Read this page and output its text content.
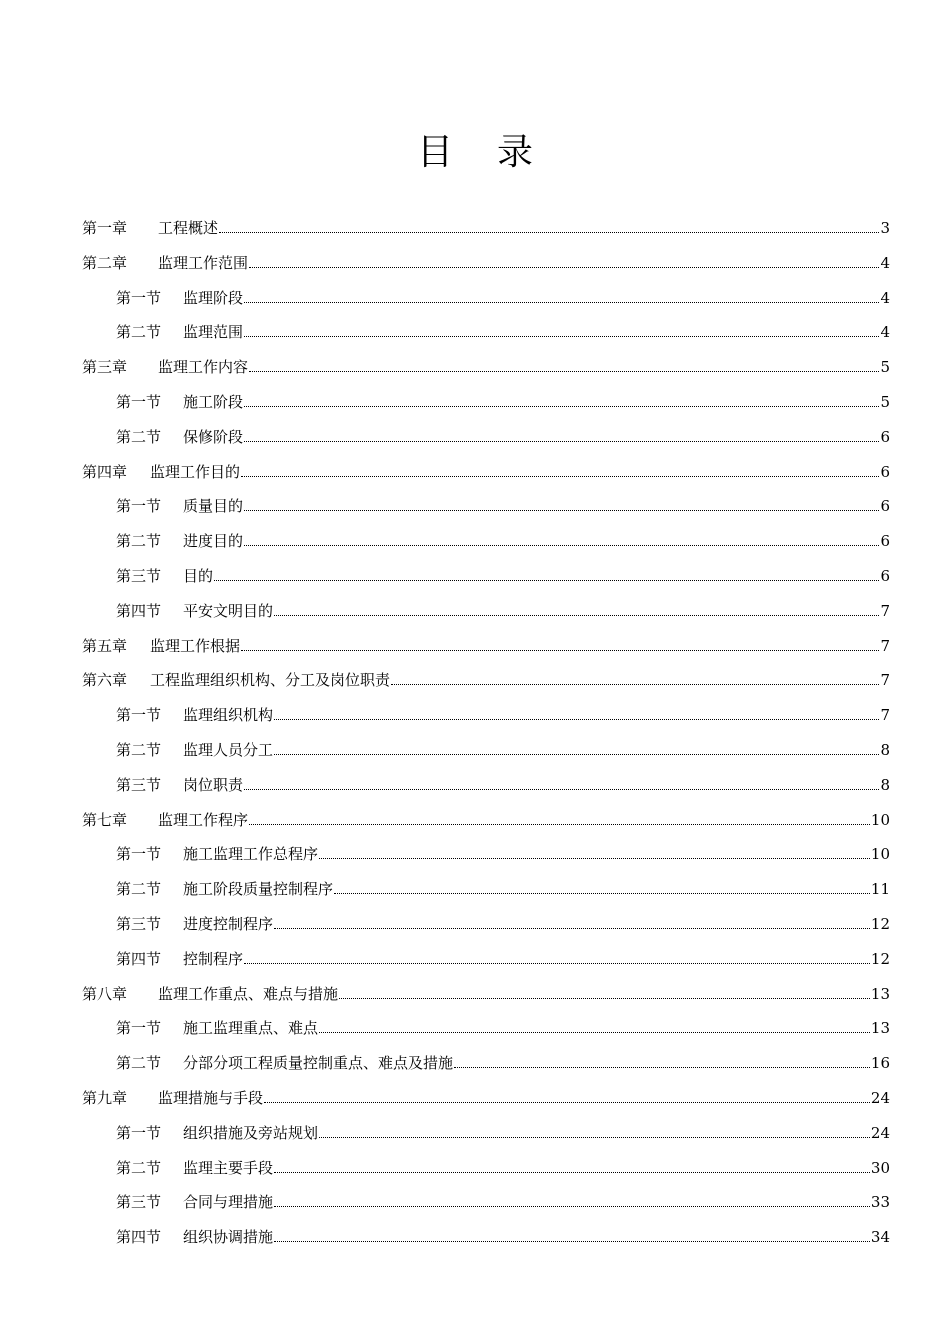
目 录
第一章	工程概述	3
第二章	监理工作范围	4
第一节	监理阶段	4
第二节	监理范围	4
第三章	监理工作内容	5
第一节	施工阶段	5
第二节	保修阶段	6
第四章	监理工作目的	6
第一节	质量目的	6
第二节	进度目的	6
第三节	目的	6
第四节	平安文明目的	7
第五章	监理工作根据	7
第六章	工程监理组织机构、分工及岗位职责	7
第一节	监理组织机构	7
第二节	监理人员分工	8
第三节	岗位职责	8
第七章	监理工作程序	10
第一节	施工监理工作总程序	10
第二节	施工阶段质量控制程序	11
第三节	进度控制程序	12
第四节	控制程序	12
第八章	监理工作重点、难点与措施	13
第一节	施工监理重点、难点	13
第二节	分部分项工程质量控制重点、难点及措施	16
第九章	监理措施与手段	24
第一节	组织措施及旁站规划	24
第二节	监理主要手段	30
第三节	合同与理措施	33
第四节	组织协调措施	34
